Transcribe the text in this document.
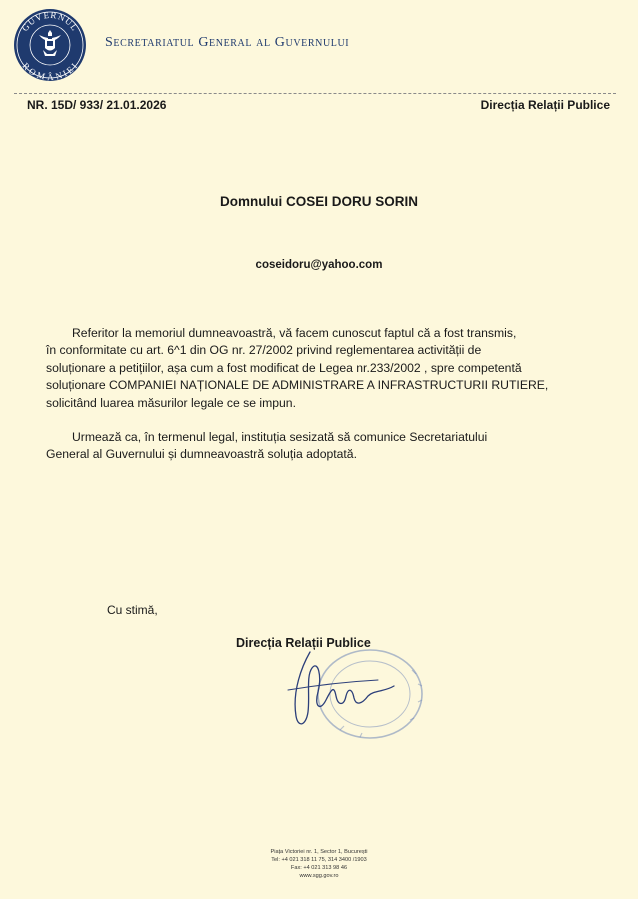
GUVERNUL
ROMÂNIEI
Secretariatul General al Guvernului
NR. 15D/ 933/ 21.01.2026	Direcția Relații Publice
Domnului COSEI DORU SORIN
coseidoru@yahoo.com

Referitor la memoriul dumneavoastră, vă facem cunoscut faptul că a fost transmis,
în conformitate cu art. 6^1 din OG nr. 27/2002 privind reglementarea activității de
soluționare a petițiilor, așa cum a fost modificat de Legea nr.233/2002 , spre competentă
soluționare COMPANIEI NAȚIONALE DE ADMINISTRARE A INFRASTRUCTURII RUTIERE,
solicitând luarea măsurilor legale ce se impun.

Urmează ca, în termenul legal, instituția sesizată să comunice Secretariatului
General al Guvernului și dumneavoastră soluția adoptată.

Cu stimă,
Direcția Relații Publice
Piața Victoriei nr. 1, Sector 1, București
Tel: +4 021 318 11 75, 314 3400 /1903
Fax: +4 021 313 98 46
www.sgg.gov.ro
